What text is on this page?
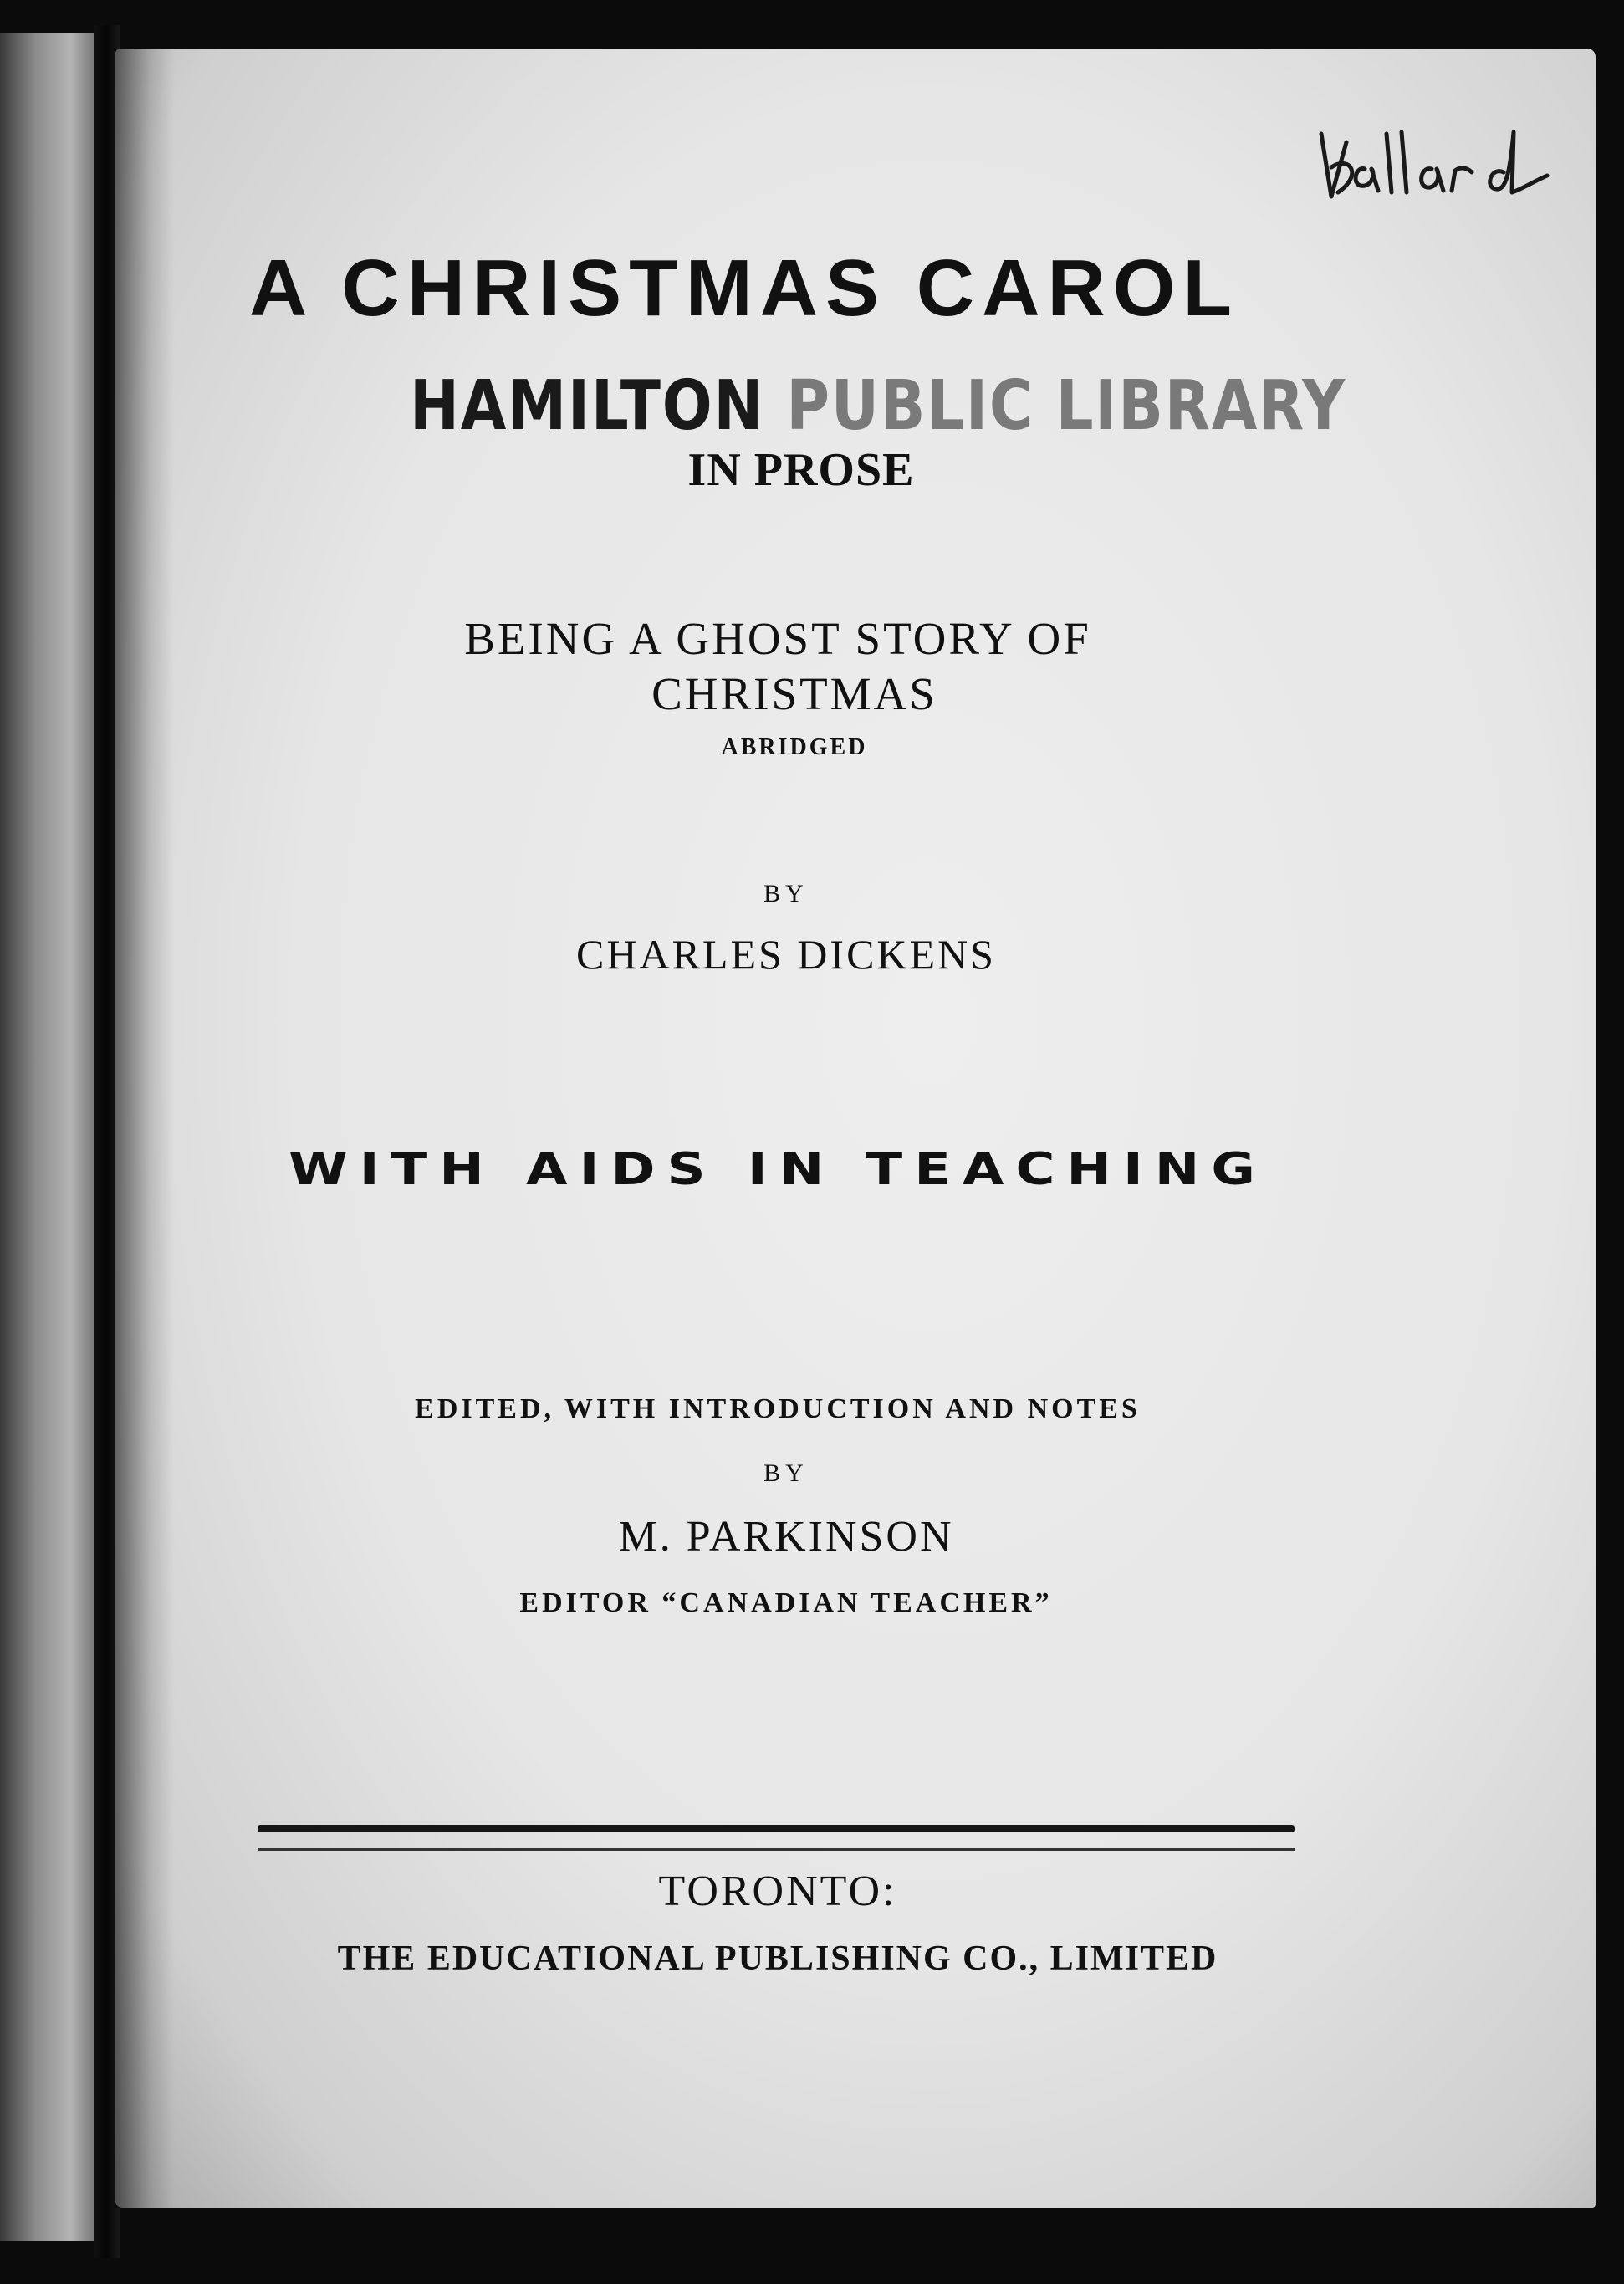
A CHRISTMAS CAROL

HAMILTON PUBLIC LIBRARY

IN PROSE

BEING A GHOST STORY OF

CHRISTMAS

ABRIDGED

BY

CHARLES DICKENS

WITH AIDS IN TEACHING

EDITED, WITH INTRODUCTION AND NOTES

BY

M. PARKINSON

EDITOR “CANADIAN TEACHER”

TORONTO:

THE EDUCATIONAL PUBLISHING CO., LIMITED
